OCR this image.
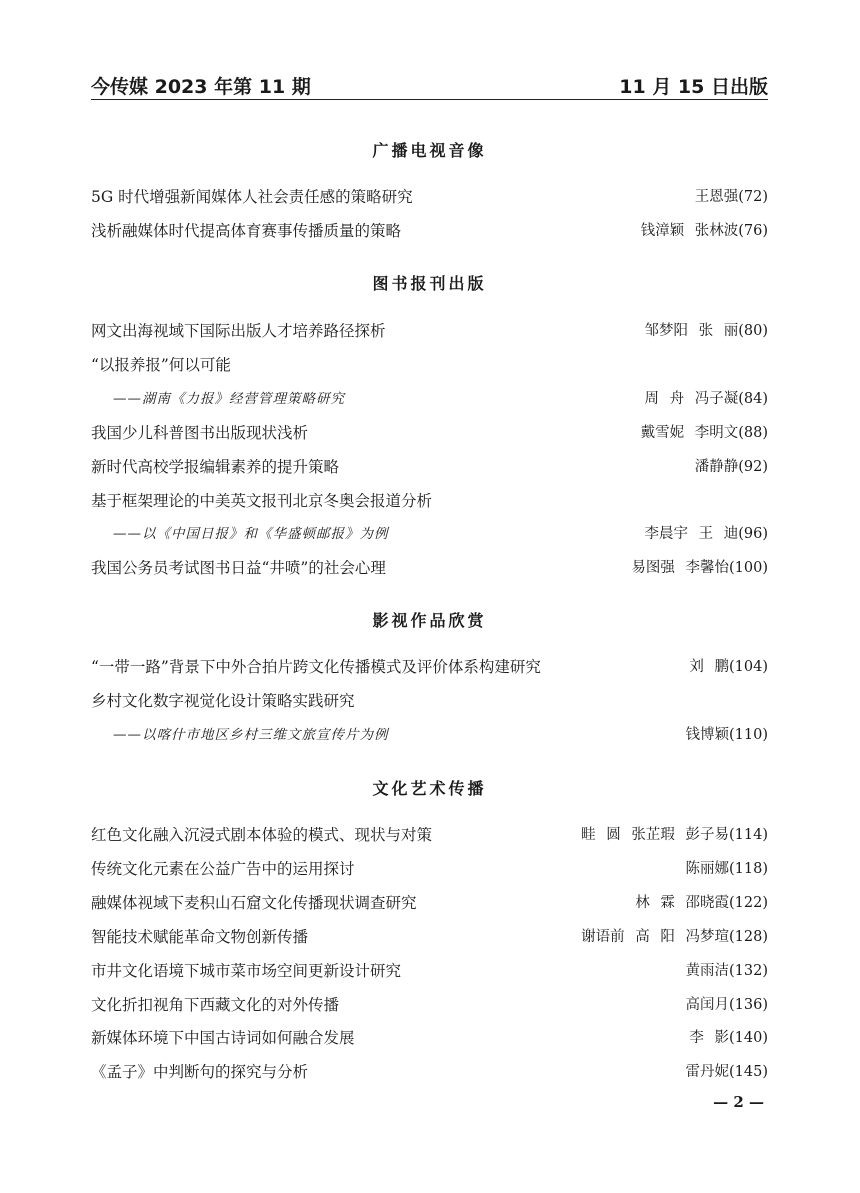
今传媒 2023 年第 11 期	11 月 15 日出版
广播电视音像
5G 时代增强新闻媒体人社会责任感的策略研究	王恩强(72)
浅析融媒体时代提高体育赛事传播质量的策略	钱漳颖 张林波(76)
图书报刊出版
网文出海视域下国际出版人才培养路径探析	邹梦阳 张 丽(80)
“以报养报”何以可能
——湖南《力报》经营管理策略研究	周 舟 冯子凝(84)
我国少儿科普图书出版现状浅析	戴雪妮 李明文(88)
新时代高校学报编辑素养的提升策略	潘静静(92)
基于框架理论的中美英文报刊北京冬奥会报道分析
——以《中国日报》和《华盛顿邮报》为例	李晨宇 王 迪(96)
我国公务员考试图书日益“井喷”的社会心理	易图强 李馨怡(100)
影视作品欣赏
“一带一路”背景下中外合拍片跨文化传播模式及评价体系构建研究	刘 鹏(104)
乡村文化数字视觉化设计策略实践研究
——以喀什市地区乡村三维文旅宣传片为例	钱博颖(110)
文化艺术传播
红色文化融入沉浸式剧本体验的模式、现状与对策	畦 圆 张芷瑕 彭子易(114)
传统文化元素在公益广告中的运用探讨	陈丽娜(118)
融媒体视域下麦积山石窟文化传播现状调查研究	林 霖 邵晓霞(122)
智能技术赋能革命文物创新传播	谢语前 高 阳 冯梦瑄(128)
市井文化语境下城市菜市场空间更新设计研究	黄雨洁(132)
文化折扣视角下西藏文化的对外传播	高闰月(136)
新媒体环境下中国古诗词如何融合发展	李 影(140)
《孟子》中判断句的探究与分析	雷丹妮(145)
— 2 —
